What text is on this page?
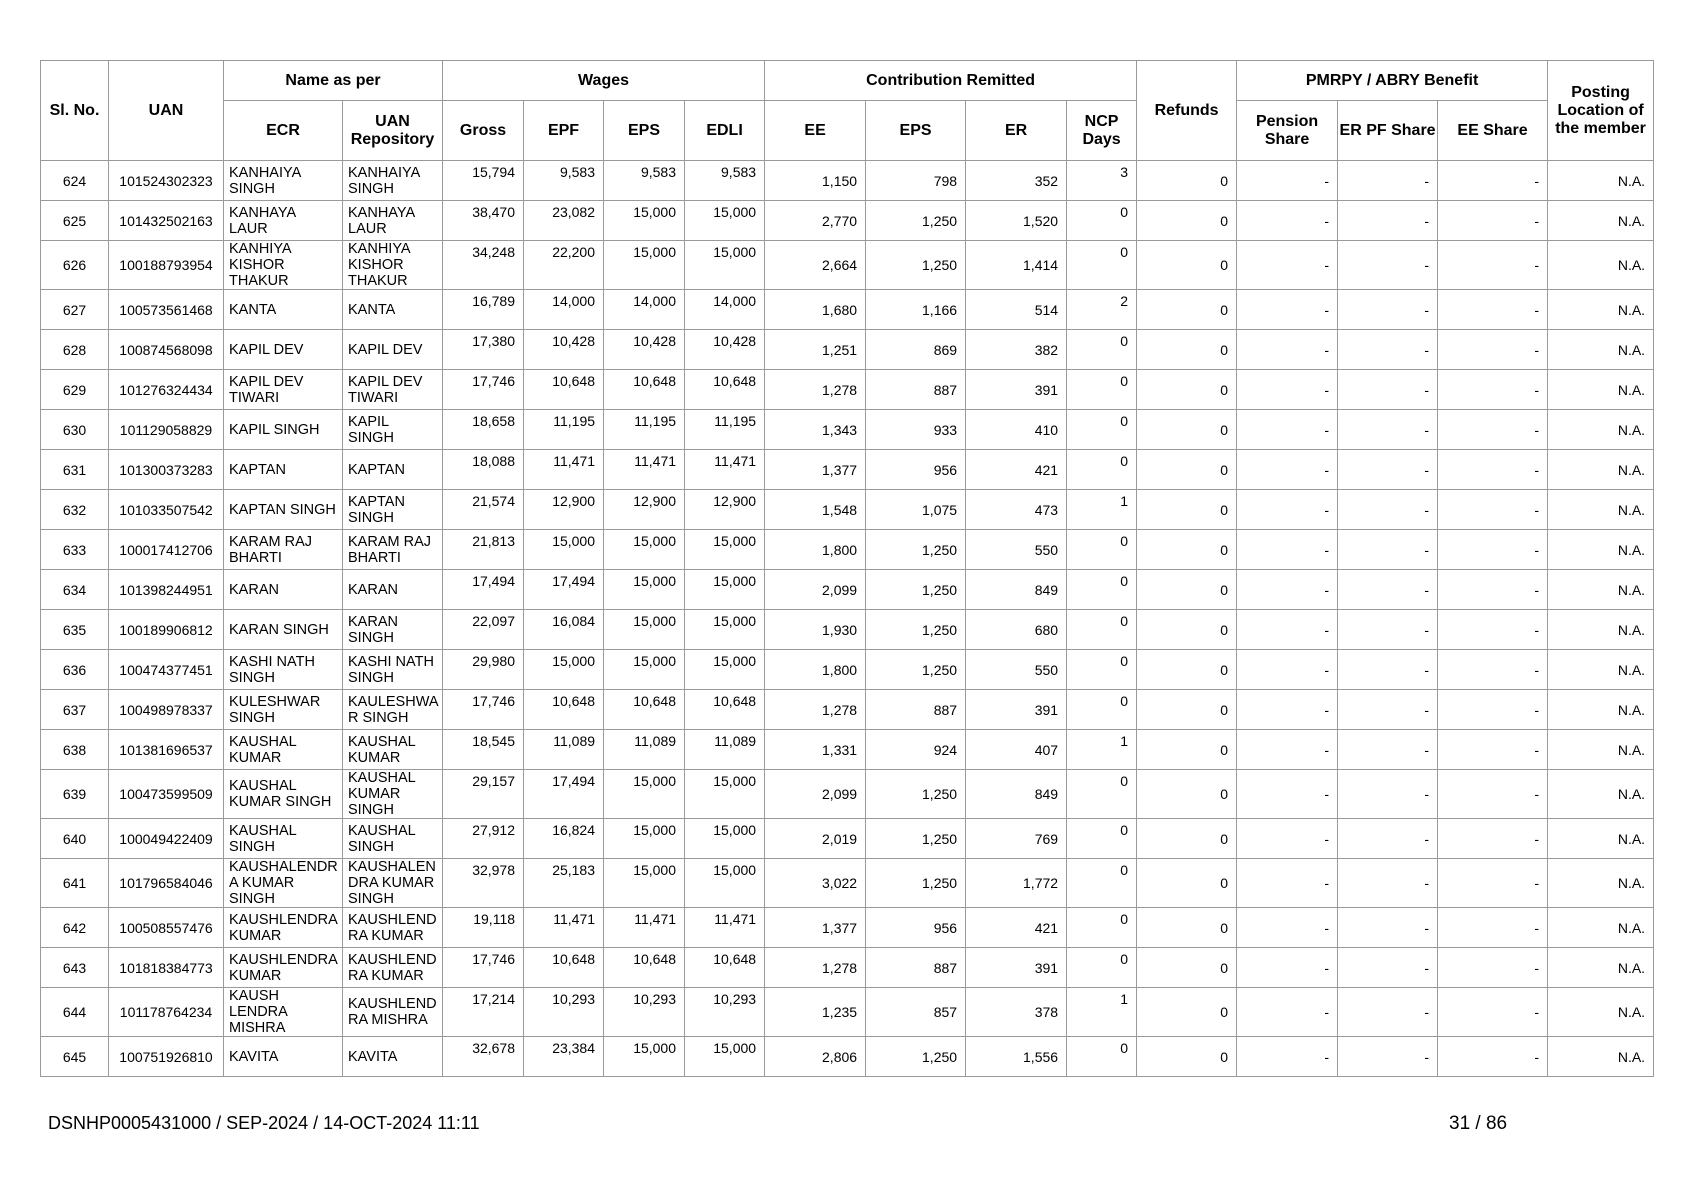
Sl. No.	UAN	Name as per		Wages				Contribution Remitted				Refunds	PMRPY / ABRY Benefit			Posting Location of the member
		ECR	UAN Repository	Gross	EPF	EPS	EDLI	EE	EPS	ER	NCP Days		Pension Share	ER PF Share	EE Share	
624	101524302323	KANHAIYA SINGH	KANHAIYA SINGH	15,794	9,583	9,583	9,583	1,150	798	352	3	0	-	-	-	N.A.
625	101432502163	KANHAYA LAUR	KANHAYA LAUR	38,470	23,082	15,000	15,000	2,770	1,250	1,520	0	0	-	-	-	N.A.
626	100188793954	KANHIYA KISHOR THAKUR	KANHIYA KISHOR THAKUR	34,248	22,200	15,000	15,000	2,664	1,250	1,414	0	0	-	-	-	N.A.
627	100573561468	KANTA	KANTA	16,789	14,000	14,000	14,000	1,680	1,166	514	2	0	-	-	-	N.A.
628	100874568098	KAPIL DEV	KAPIL DEV	17,380	10,428	10,428	10,428	1,251	869	382	0	0	-	-	-	N.A.
629	101276324434	KAPIL DEV TIWARI	KAPIL DEV TIWARI	17,746	10,648	10,648	10,648	1,278	887	391	0	0	-	-	-	N.A.
630	101129058829	KAPIL SINGH	KAPIL SINGH	18,658	11,195	11,195	11,195	1,343	933	410	0	0	-	-	-	N.A.
631	101300373283	KAPTAN	KAPTAN	18,088	11,471	11,471	11,471	1,377	956	421	0	0	-	-	-	N.A.
632	101033507542	KAPTAN SINGH	KAPTAN SINGH	21,574	12,900	12,900	12,900	1,548	1,075	473	1	0	-	-	-	N.A.
633	100017412706	KARAM RAJ BHARTI	KARAM RAJ BHARTI	21,813	15,000	15,000	15,000	1,800	1,250	550	0	0	-	-	-	N.A.
634	101398244951	KARAN	KARAN	17,494	17,494	15,000	15,000	2,099	1,250	849	0	0	-	-	-	N.A.
635	100189906812	KARAN SINGH	KARAN SINGH	22,097	16,084	15,000	15,000	1,930	1,250	680	0	0	-	-	-	N.A.
636	100474377451	KASHI NATH SINGH	KASHI NATH SINGH	29,980	15,000	15,000	15,000	1,800	1,250	550	0	0	-	-	-	N.A.
637	100498978337	KULESHWAR SINGH	KAULESHWA R SINGH	17,746	10,648	10,648	10,648	1,278	887	391	0	0	-	-	-	N.A.
638	101381696537	KAUSHAL KUMAR	KAUSHAL KUMAR	18,545	11,089	11,089	11,089	1,331	924	407	1	0	-	-	-	N.A.
639	100473599509	KAUSHAL KUMAR SINGH	KAUSHAL KUMAR SINGH	29,157	17,494	15,000	15,000	2,099	1,250	849	0	0	-	-	-	N.A.
640	100049422409	KAUSHAL SINGH	KAUSHAL SINGH	27,912	16,824	15,000	15,000	2,019	1,250	769	0	0	-	-	-	N.A.
641	101796584046	KAUSHALENDR A KUMAR SINGH	KAUSHALEN DRA KUMAR SINGH	32,978	25,183	15,000	15,000	3,022	1,250	1,772	0	0	-	-	-	N.A.
642	100508557476	KAUSHLENDRA KUMAR	KAUSHLEND RA KUMAR	19,118	11,471	11,471	11,471	1,377	956	421	0	0	-	-	-	N.A.
643	101818384773	KAUSHLENDRA KUMAR	KAUSHLEND RA KUMAR	17,746	10,648	10,648	10,648	1,278	887	391	0	0	-	-	-	N.A.
644	101178764234	KAUSH LENDRA MISHRA	KAUSHLEND RA MISHRA	17,214	10,293	10,293	10,293	1,235	857	378	1	0	-	-	-	N.A.
645	100751926810	KAVITA	KAVITA	32,678	23,384	15,000	15,000	2,806	1,250	1,556	0	0	-	-	-	N.A.
DSNHP0005431000 / SEP-2024 / 14-OCT-2024 11:11	31 / 86
